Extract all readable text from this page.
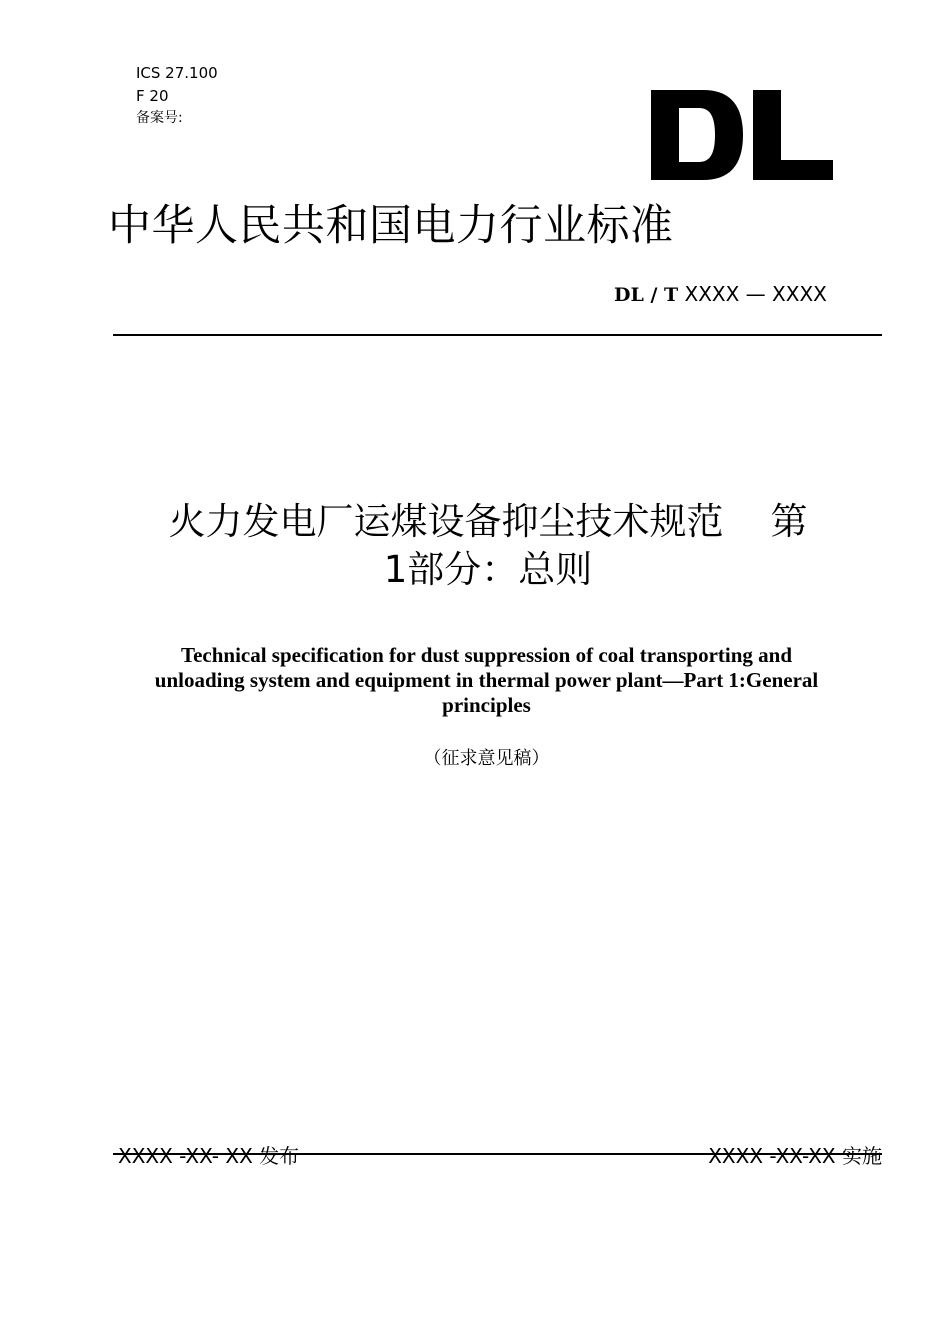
ICS 27.100
F 20
备案号:
中华人民共和国电力行业标准
DL / T XXXX — XXXX
火力发电厂运煤设备抑尘技术规范    第
1部分：总则
Technical specification for dust suppression of coal transporting and
unloading system and equipment in thermal power plant—Part 1:General
principles
（征求意见稿）
XXXX -XX- XX 发布	XXXX -XX-XX 实施
